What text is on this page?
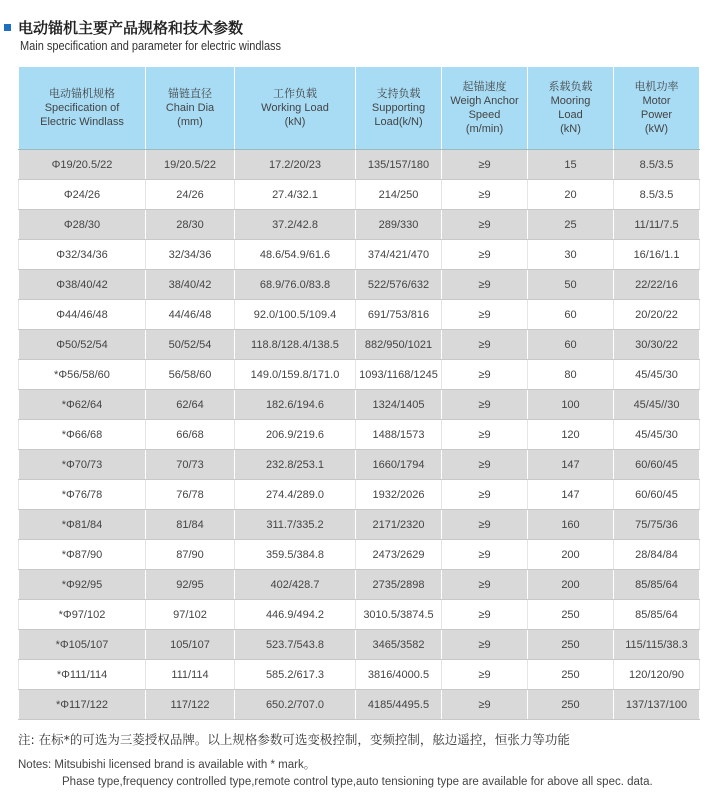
电动锚机主要产品规格和技术参数
Main specification and parameter for electric windlass
电动锚机规格
Specification of
Electric Windlass	锚链直径
Chain Dia
(mm)	工作负载
Working Load
(kN)	支持负载
Supporting
Load(k/N)	起锚速度
Weigh Anchor
Speed
(m/min)	系载负载
Mooring
Load
(kN)	电机功率
Motor
Power
(kW)

Φ19/20.5/22	19/20.5/22	17.2/20/23	135/157/180	≥9	15	8.5/3.5
Φ24/26	24/26	27.4/32.1	214/250	≥9	20	8.5/3.5
Φ28/30	28/30	37.2/42.8	289/330	≥9	25	11/11/7.5
Φ32/34/36	32/34/36	48.6/54.9/61.6	374/421/470	≥9	30	16/16/1.1
Φ38/40/42	38/40/42	68.9/76.0/83.8	522/576/632	≥9	50	22/22/16
Φ44/46/48	44/46/48	92.0/100.5/109.4	691/753/816	≥9	60	20/20/22
Φ50/52/54	50/52/54	118.8/128.4/138.5	882/950/1021	≥9	60	30/30/22
*Φ56/58/60	56/58/60	149.0/159.8/171.0	1093/1168/1245	≥9	80	45/45/30
*Φ62/64	62/64	182.6/194.6	1324/1405	≥9	100	45/45//30
*Φ66/68	66/68	206.9/219.6	1488/1573	≥9	120	45/45/30
*Φ70/73	70/73	232.8/253.1	1660/1794	≥9	147	60/60/45
*Φ76/78	76/78	274.4/289.0	1932/2026	≥9	147	60/60/45
*Φ81/84	81/84	311.7/335.2	2171/2320	≥9	160	75/75/36
*Φ87/90	87/90	359.5/384.8	2473/2629	≥9	200	28/84/84
*Φ92/95	92/95	402/428.7	2735/2898	≥9	200	85/85/64
*Φ97/102	97/102	446.9/494.2	3010.5/3874.5	≥9	250	85/85/64
*Φ105/107	105/107	523.7/543.8	3465/3582	≥9	250	115/115/38.3
*Φ111/114	111/114	585.2/617.3	3816/4000.5	≥9	250	120/120/90
*Φ117/122	117/122	650.2/707.0	4185/4495.5	≥9	250	137/137/100
注: 在标*的可选为三菱授权品牌。以上规格参数可选变极控制，变频控制，舷边遥控，恒张力等功能
Notes: Mitsubishi licensed brand is available with * mark。
Phase type,frequency controlled type,remote control type,auto tensioning type are available for above all spec. data.
